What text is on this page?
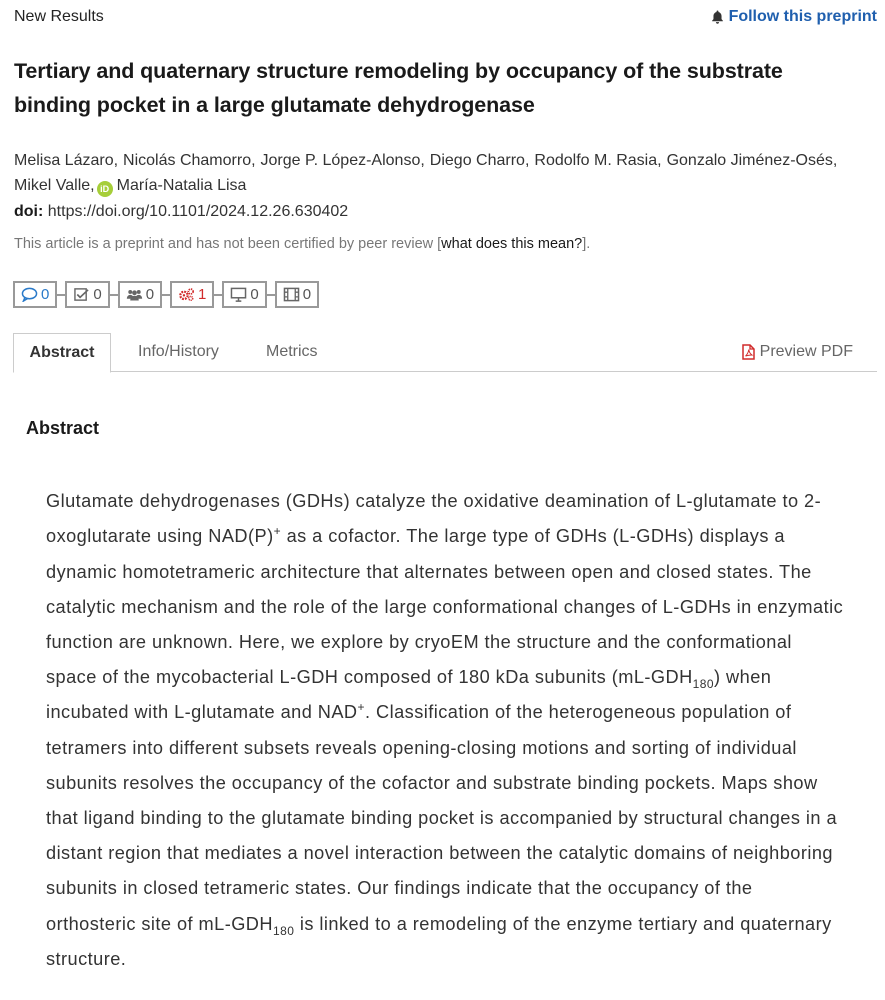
New Results	Follow this preprint
Tertiary and quaternary structure remodeling by occupancy of the substrate binding pocket in a large glutamate dehydrogenase
Melisa Lázaro, Nicolás Chamorro, Jorge P. López-Alonso, Diego Charro, Rodolfo M. Rasia, Gonzalo Jiménez-Osés,
Mikel Valle, iD María-Natalia Lisa
doi: https://doi.org/10.1101/2024.12.26.630402
This article is a preprint and has not been certified by peer review [what does this mean?].
0	0	0	1	0	0
Abstract	Info/History	Metrics	Preview PDF
Abstract

Glutamate dehydrogenases (GDHs) catalyze the oxidative deamination of L-glutamate to 2-oxoglutarate using NAD(P)+ as a cofactor. The large type of GDHs (L-GDHs) displays a dynamic homotetrameric architecture that alternates between open and closed states. The catalytic mechanism and the role of the large conformational changes of L-GDHs in enzymatic function are unknown. Here, we explore by cryoEM the structure and the conformational space of the mycobacterial L-GDH composed of 180 kDa subunits $(mL-GDH_{180})$ when incubated with L-glutamate and NAD+. Classification of the heterogeneous population of tetramers into different subsets reveals opening-closing motions and sorting of individual subunits resolves the occupancy of the cofactor and substrate binding pockets. Maps show that ligand binding to the glutamate binding pocket is accompanied by structural changes in a distant region that mediates a novel interaction between the catalytic domains of neighboring subunits in closed tetrameric states. Our findings indicate that the occupancy of the orthosteric site of $mL-GDH_{180}$ is linked to a remodeling of the enzyme tertiary and quaternary structure.
